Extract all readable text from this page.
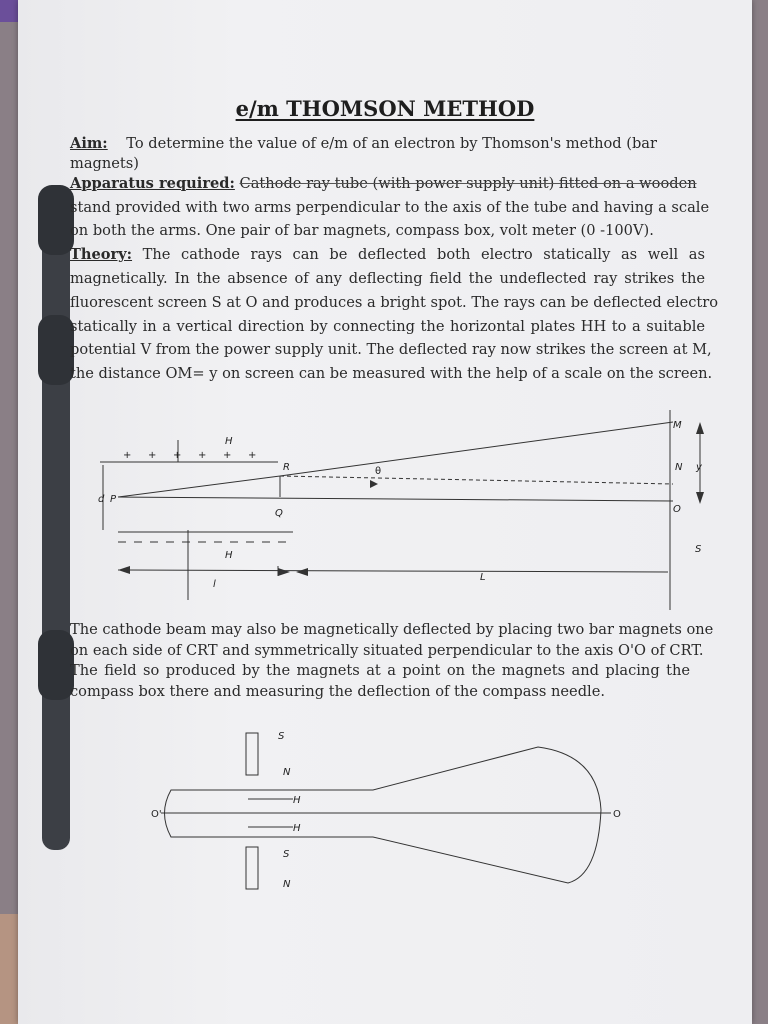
e/m THOMSON METHOD
Aim: To determine the value of e/m of an electron by Thomson's method (bar
magnets)
Apparatus required: Cathode ray tube (with power supply unit) fitted on a wooden
stand provided with two arms perpendicular to the axis of the tube and having a scale
on both the arms. One pair of bar magnets, compass box, volt meter (0 -100V).
Theory: The cathode rays can be deflected both electro statically as well as
magnetically. In the absence of any deflecting field the undeflected ray strikes the
fluorescent screen S at O and produces a bright spot. The rays can be deflected electro
statically in a vertical direction by connecting the horizontal plates HH to a suitable
potential V from the power supply unit. The deflected ray now strikes the screen at M,
the distance OM= y on screen can be measured with the help of a scale on the screen.
+ + + + + +
H
R	θ
d P
Q
H
l
L
M
N
O
y
S
The cathode beam may also be magnetically deflected by placing two bar magnets one
on each side of CRT and symmetrically situated perpendicular to the axis O'O of CRT.
The field so produced by the magnets at a point on the magnets and placing the
compass box there and measuring the deflection of the compass needle.
S
N
O'
H
H
O
S
N
